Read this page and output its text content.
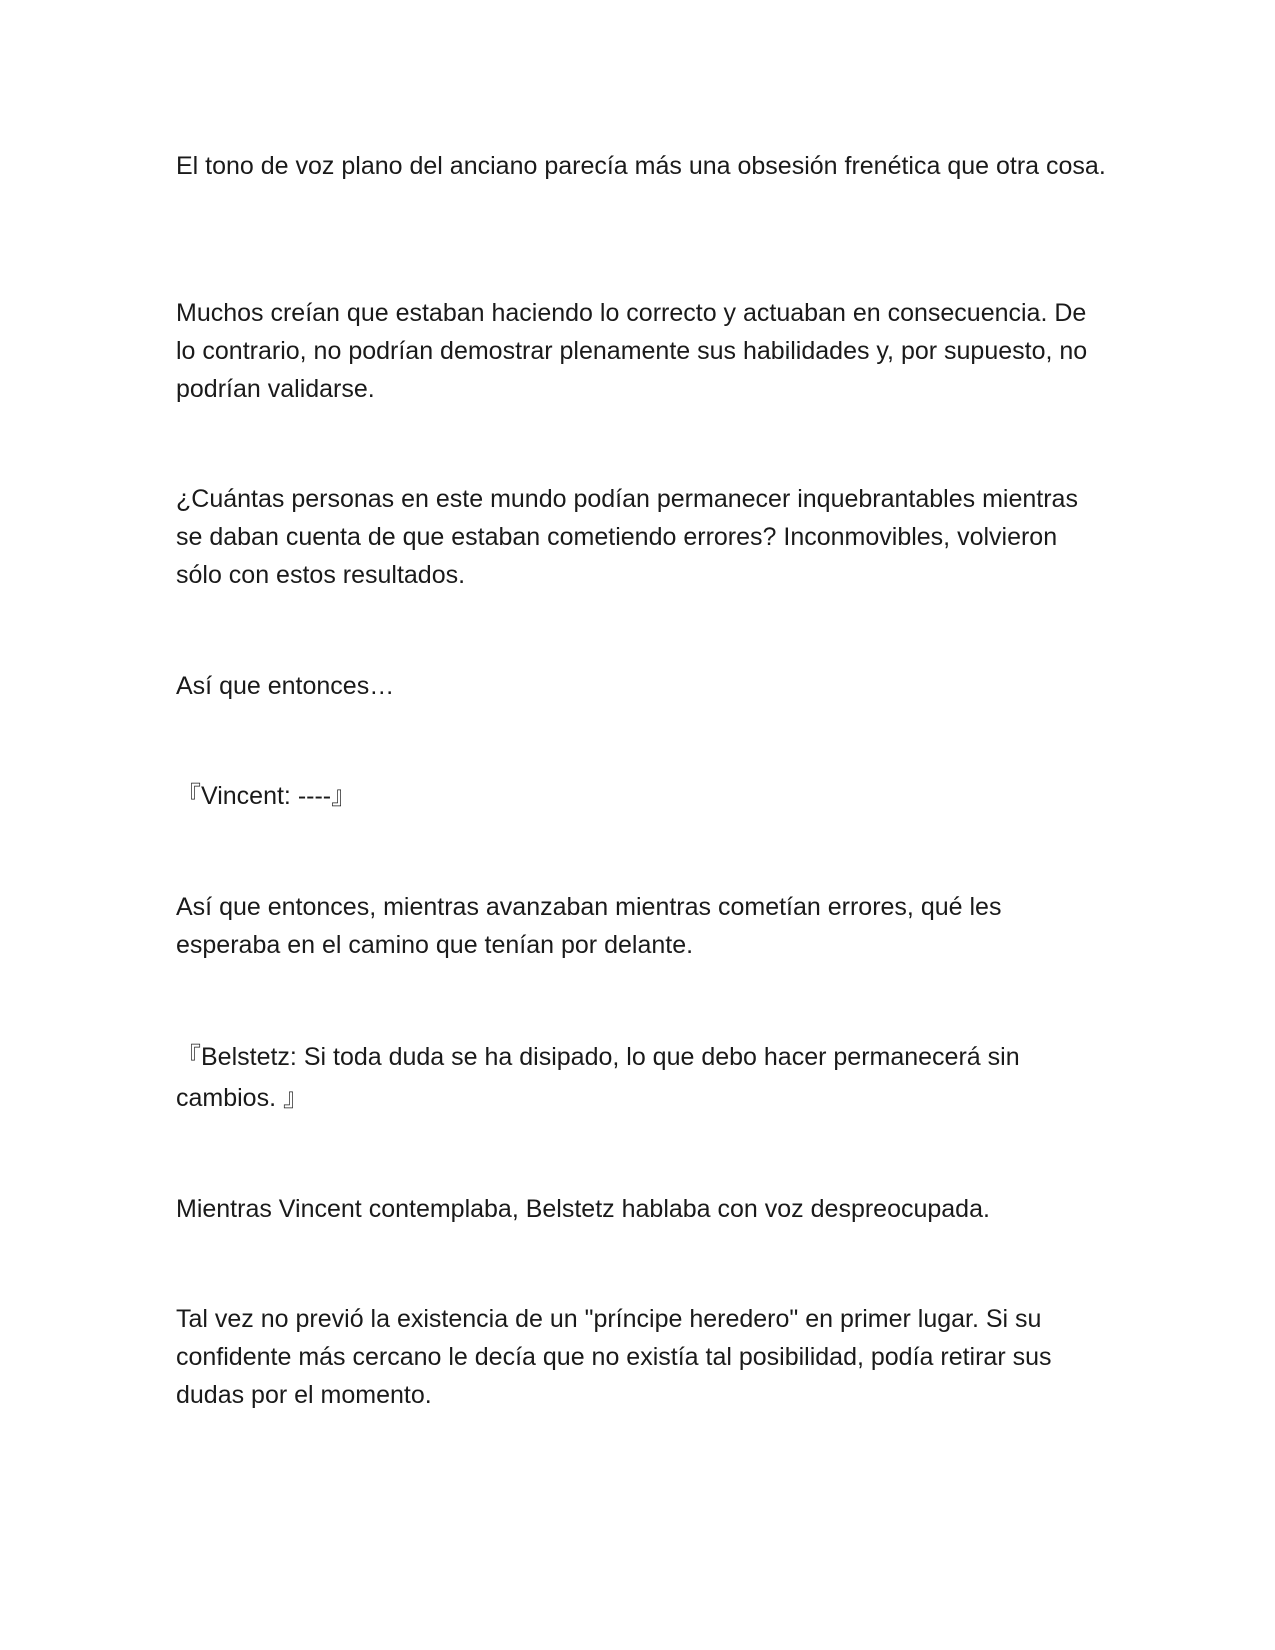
El tono de voz plano del anciano parecía más una obsesión frenética que otra cosa.

Muchos creían que estaban haciendo lo correcto y actuaban en consecuencia. De lo contrario, no podrían demostrar plenamente sus habilidades y, por supuesto, no podrían validarse.

¿Cuántas personas en este mundo podían permanecer inquebrantables mientras se daban cuenta de que estaban cometiendo errores? Inconmovibles, volvieron sólo con estos resultados.

Así que entonces…

『Vincent: ----』

Así que entonces, mientras avanzaban mientras cometían errores, qué les esperaba en el camino que tenían por delante.

『Belstetz: Si toda duda se ha disipado, lo que debo hacer permanecerá sin cambios. 』

Mientras Vincent contemplaba, Belstetz hablaba con voz despreocupada.

Tal vez no previó la existencia de un "príncipe heredero" en primer lugar. Si su confidente más cercano le decía que no existía tal posibilidad, podía retirar sus dudas por el momento.
